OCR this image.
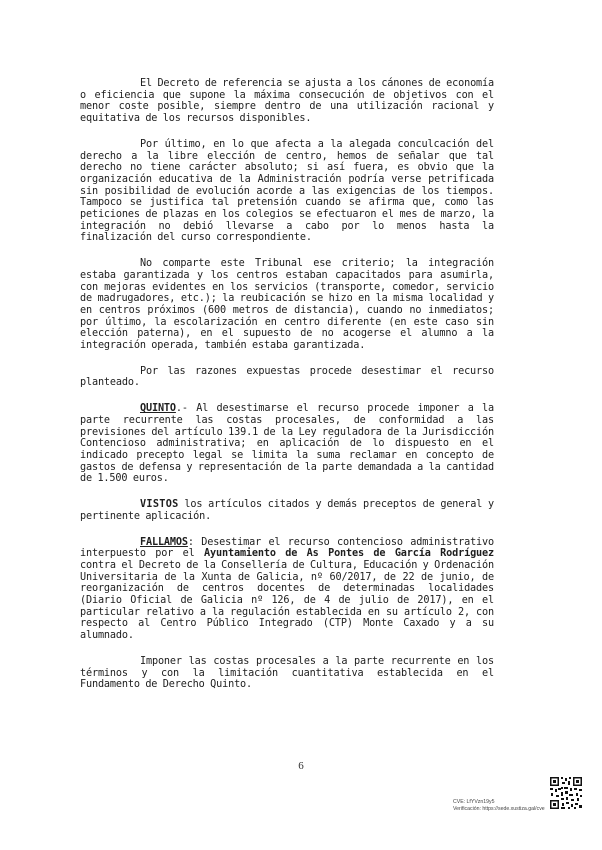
El Decreto de referencia se ajusta a los cánones de economía o eficiencia que supone la máxima consecución de objetivos con el menor coste posible, siempre dentro de una utilización racional y equitativa de los recursos disponibles.

Por último, en lo que afecta a la alegada conculcación del derecho a la libre elección de centro, hemos de señalar que tal derecho no tiene carácter absoluto; si así fuera, es obvio que la organización educativa de la Administración podría verse petrificada sin posibilidad de evolución acorde a las exigencias de los tiempos. Tampoco se justifica tal pretensión cuando se afirma que, como las peticiones de plazas en los colegios se efectuaron el mes de marzo, la integración no debió llevarse a cabo por lo menos hasta la finalización del curso correspondiente.

No comparte este Tribunal ese criterio; la integración estaba garantizada y los centros estaban capacitados para asumirla, con mejoras evidentes en los servicios (transporte, comedor, servicio de madrugadores, etc.); la reubicación se hizo en la misma localidad y en centros próximos (600 metros de distancia), cuando no inmediatos; por último, la escolarización en centro diferente (en este caso sin elección paterna), en el supuesto de no acogerse el alumno a la integración operada, también estaba garantizada.

Por las razones expuestas procede desestimar el recurso planteado.

QUINTO.- Al desestimarse el recurso procede imponer a la parte recurrente las costas procesales, de conformidad a las previsiones del artículo 139.1 de la Ley reguladora de la Jurisdicción Contencioso administrativa; en aplicación de lo dispuesto en el indicado precepto legal se limita la suma reclamar en concepto de gastos de defensa y representación de la parte demandada a la cantidad de 1.500 euros.

VISTOS los artículos citados y demás preceptos de general y pertinente aplicación.

FALLAMOS: Desestimar el recurso contencioso administrativo interpuesto por el Ayuntamiento de As Pontes de García Rodríguez contra el Decreto de la Consellería de Cultura, Educación y Ordenación Universitaria de la Xunta de Galicia, nº 60/2017, de 22 de junio, de reorganización de centros docentes de determinadas localidades (Diario Oficial de Galicia nº 126, de 4 de julio de 2017), en el particular relativo a la regulación establecida en su artículo 2, con respecto al Centro Público Integrado (CTP) Monte Caxado y a su alumnado.

Imponer las costas procesales a la parte recurrente en los términos y con la limitación cuantitativa establecida en el Fundamento de Derecho Quinto.

6
CVE: LfYVzn19y5
Verificación: https://sede.xustiza.gal/cve
